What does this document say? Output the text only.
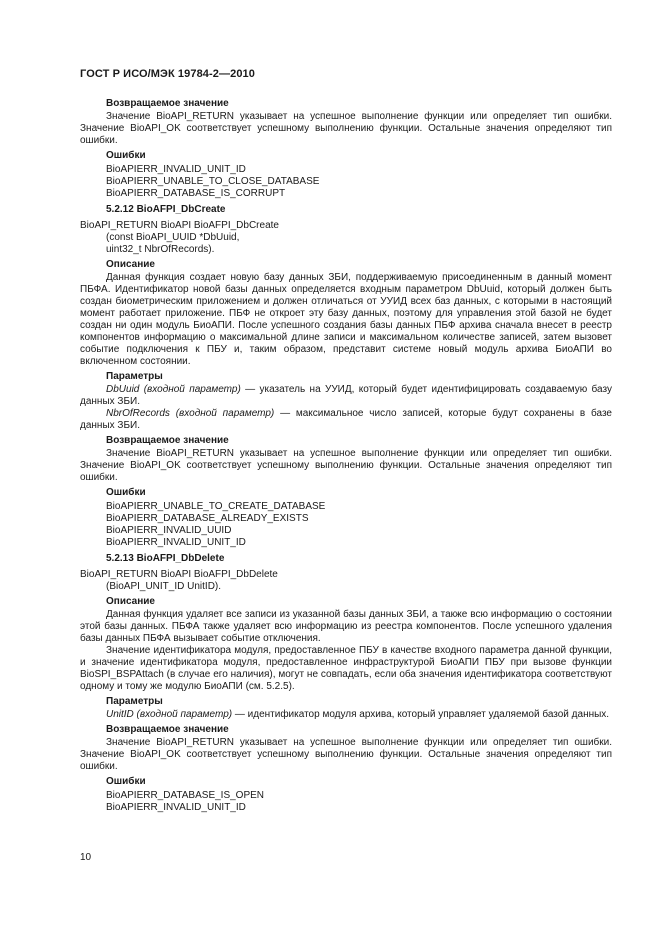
ГОСТ Р ИСО/МЭК 19784-2—2010

Возвращаемое значение

Значение BioAPI_RETURN указывает на успешное выполнение функции или определяет тип ошибки. Значение BioAPI_OK соответствует успешному выполнению функции. Остальные значения определяют тип ошибки.

Ошибки

BioAPIERR_INVALID_UNIT_ID

BioAPIERR_UNABLE_TO_CLOSE_DATABASE

BioAPIERR_DATABASE_IS_CORRUPT

5.2.12 BioAFPI_DbCreate

BioAPI_RETURN BioAPI BioAFPI_DbCreate

(const BioAPI_UUID *DbUuid,

uint32_t NbrOfRecords).

Описание

Данная функция создает новую базу данных ЗБИ, поддерживаемую присоединенным в данный момент ПБФА. Идентификатор новой базы данных определяется входным параметром DbUuid, который должен быть создан биометрическим приложением и должен отличаться от УУИД всех баз данных, с которыми в настоящий момент работает приложение. ПБФ не откроет эту базу данных, поэтому для управления этой базой не будет создан ни один модуль БиоАПИ. После успешного создания базы данных ПБФ архива сначала внесет в реестр компонентов информацию о максимальной длине записи и максимальном количестве записей, затем вызовет событие подключения к ПБУ и, таким образом, представит системе новый модуль архива БиоАПИ во включенном состоянии.

Параметры

DbUuid (входной параметр) — указатель на УУИД, который будет идентифицировать создаваемую базу данных ЗБИ.

NbrOfRecords (входной параметр) — максимальное число записей, которые будут сохранены в базе данных ЗБИ.

Возвращаемое значение

Значение BioAPI_RETURN указывает на успешное выполнение функции или определяет тип ошибки. Значение BioAPI_OK соответствует успешному выполнению функции. Остальные значения определяют тип ошибки.

Ошибки

BioAPIERR_UNABLE_TO_CREATE_DATABASE

BioAPIERR_DATABASE_ALREADY_EXISTS

BioAPIERR_INVALID_UUID

BioAPIERR_INVALID_UNIT_ID

5.2.13 BioAFPI_DbDelete

BioAPI_RETURN BioAPI BioAFPI_DbDelete

(BioAPI_UNIT_ID UnitID).

Описание

Данная функция удаляет все записи из указанной базы данных ЗБИ, а также всю информацию о состоянии этой базы данных. ПБФА также удаляет всю информацию из реестра компонентов. После успешного удаления базы данных ПБФА вызывает событие отключения.

Значение идентификатора модуля, предоставленное ПБУ в качестве входного параметра данной функции, и значение идентификатора модуля, предоставленное инфраструктурой БиоАПИ ПБУ при вызове функции BioSPI_BSPAttach (в случае его наличия), могут не совпадать, если оба значения идентификатора соответствуют одному и тому же модулю БиоАПИ (см. 5.2.5).

Параметры

UnitID (входной параметр) — идентификатор модуля архива, который управляет удаляемой базой данных.

Возвращаемое значение

Значение BioAPI_RETURN указывает на успешное выполнение функции или определяет тип ошибки. Значение BioAPI_OK соответствует успешному выполнению функции. Остальные значения определяют тип ошибки.

Ошибки

BioAPIERR_DATABASE_IS_OPEN

BioAPIERR_INVALID_UNIT_ID

10
